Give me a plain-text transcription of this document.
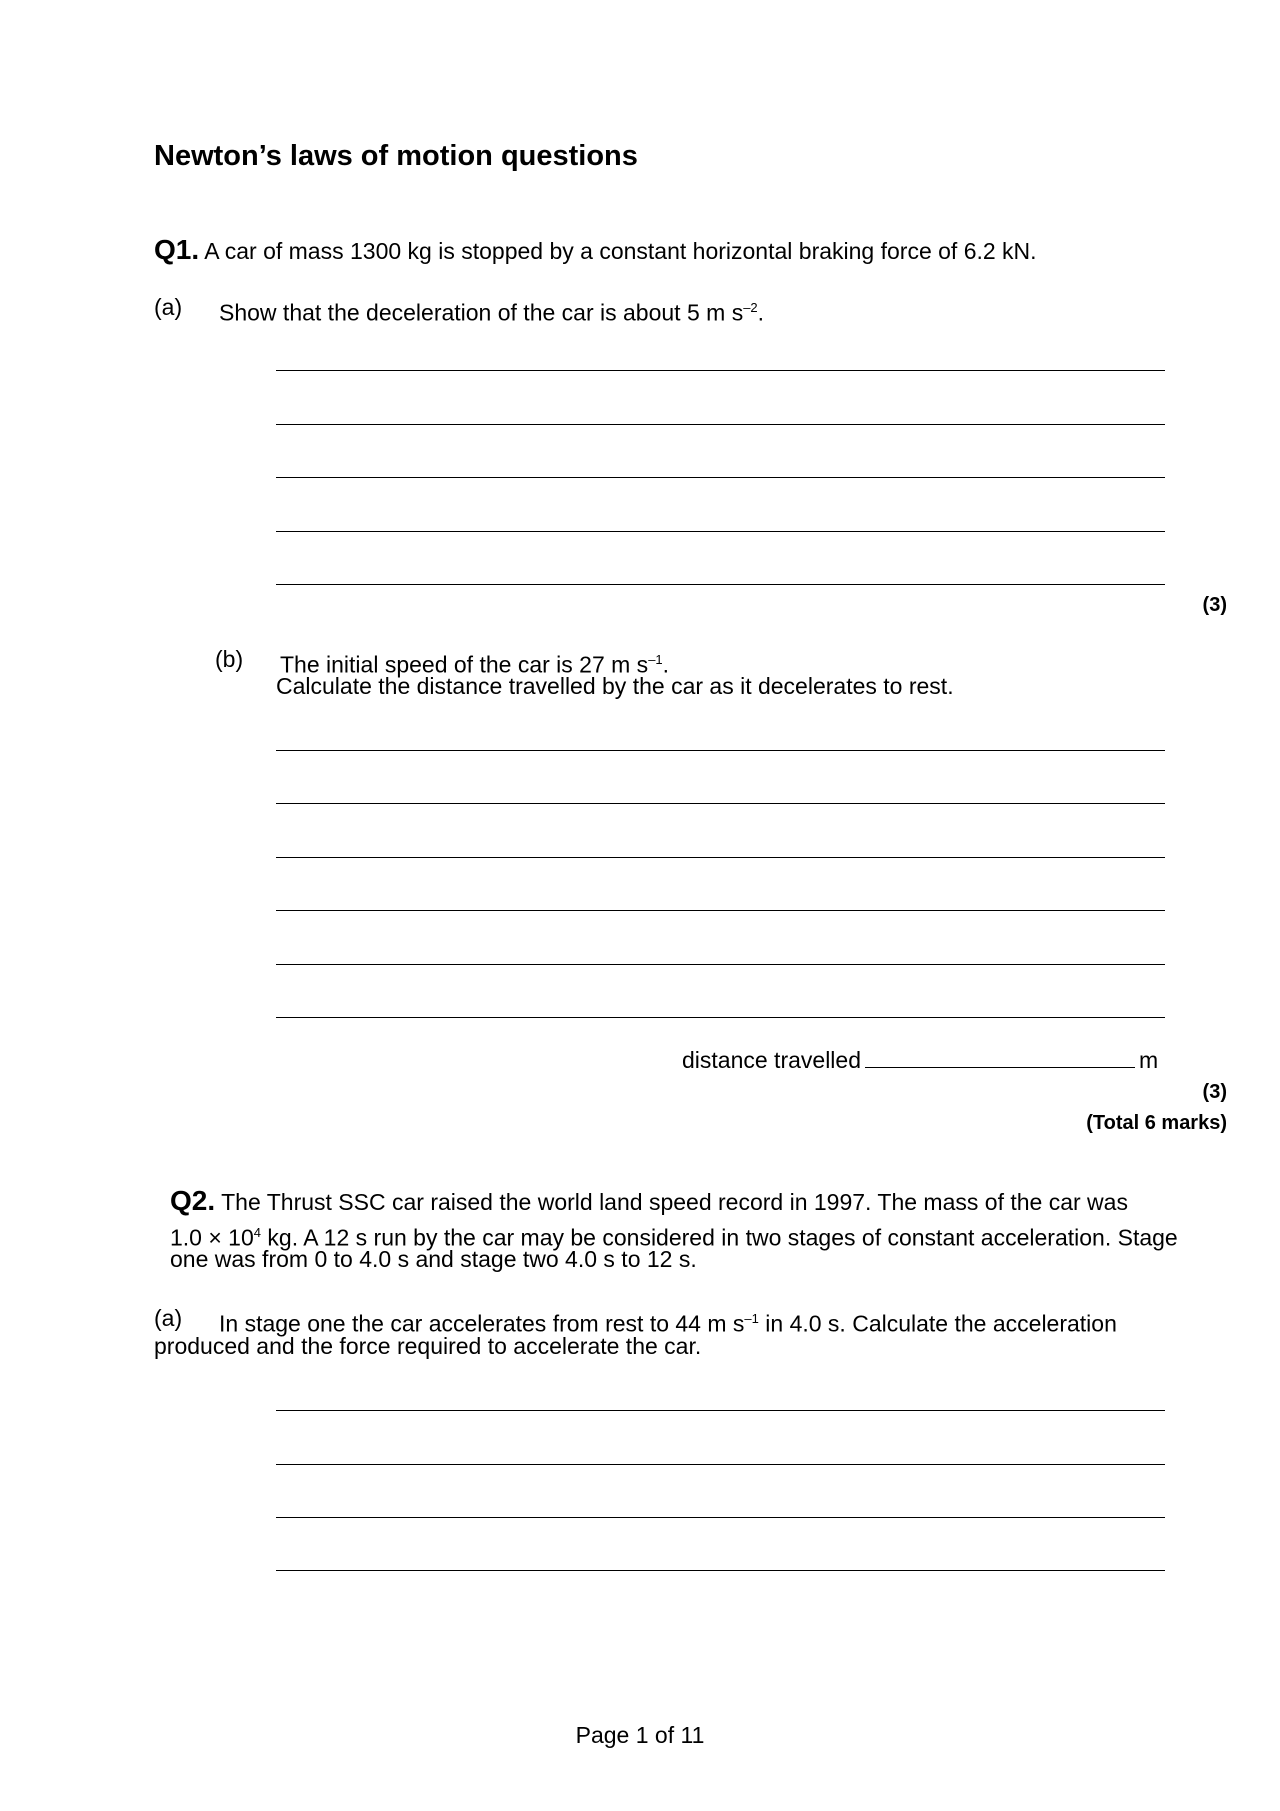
Newton’s laws of motion questions
Q1. A car of mass 1300 kg is stopped by a constant horizontal braking force of 6.2 kN.
(a) Show that the deceleration of the car is about 5 m $s^{-2}$.
(3)
(b) The initial speed of the car is 27 m $s^{-1}$.
Calculate the distance travelled by the car as it decelerates to rest.
distance travelled	m
(3)
(Total 6 marks)
Q2. The Thrust SSC car raised the world land speed record in 1997. The mass of the car was
$1.0 \times 10^4$ kg. A 12 s run by the car may be considered in two stages of constant acceleration. Stage
one was from 0 to 4.0 s and stage two 4.0 s to 12 s.
(a) In stage one the car accelerates from rest to 44 m $s^{-1}$ in 4.0 s. Calculate the acceleration
produced and the force required to accelerate the car.
Page 1 of 11
